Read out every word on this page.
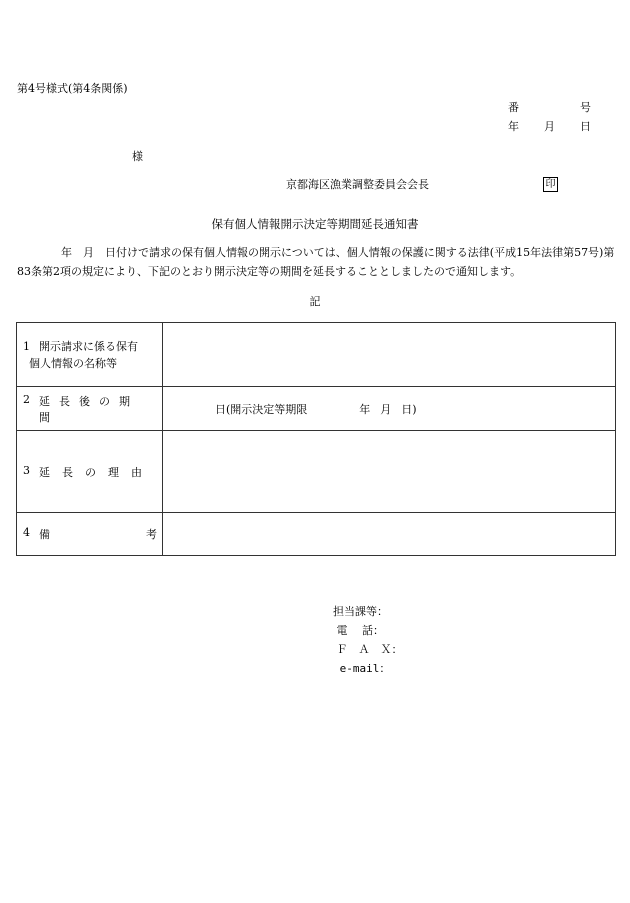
第4号様式(第4条関係)
番	号
年 月 日
様
京都海区漁業調整委員会会長	印
保有個人情報開示決定等期間延長通知書
年　月　日付けで請求の保有個人情報の開示については、個人情報の保護に関する法律(平成15年法律第57号)第83条第2項の規定により、下記のとおり開示決定等の期間を延長することとしましたので通知します。
記
1 開示請求に係る保有
個人情報の名称等	

2 延長後の期間	日(開示決定等期限 年 月 日)

3 延長の理由	

4 備 考	

担当課等：
電　 話：
Ｆ　Ａ　Ｘ：
e-mail：
